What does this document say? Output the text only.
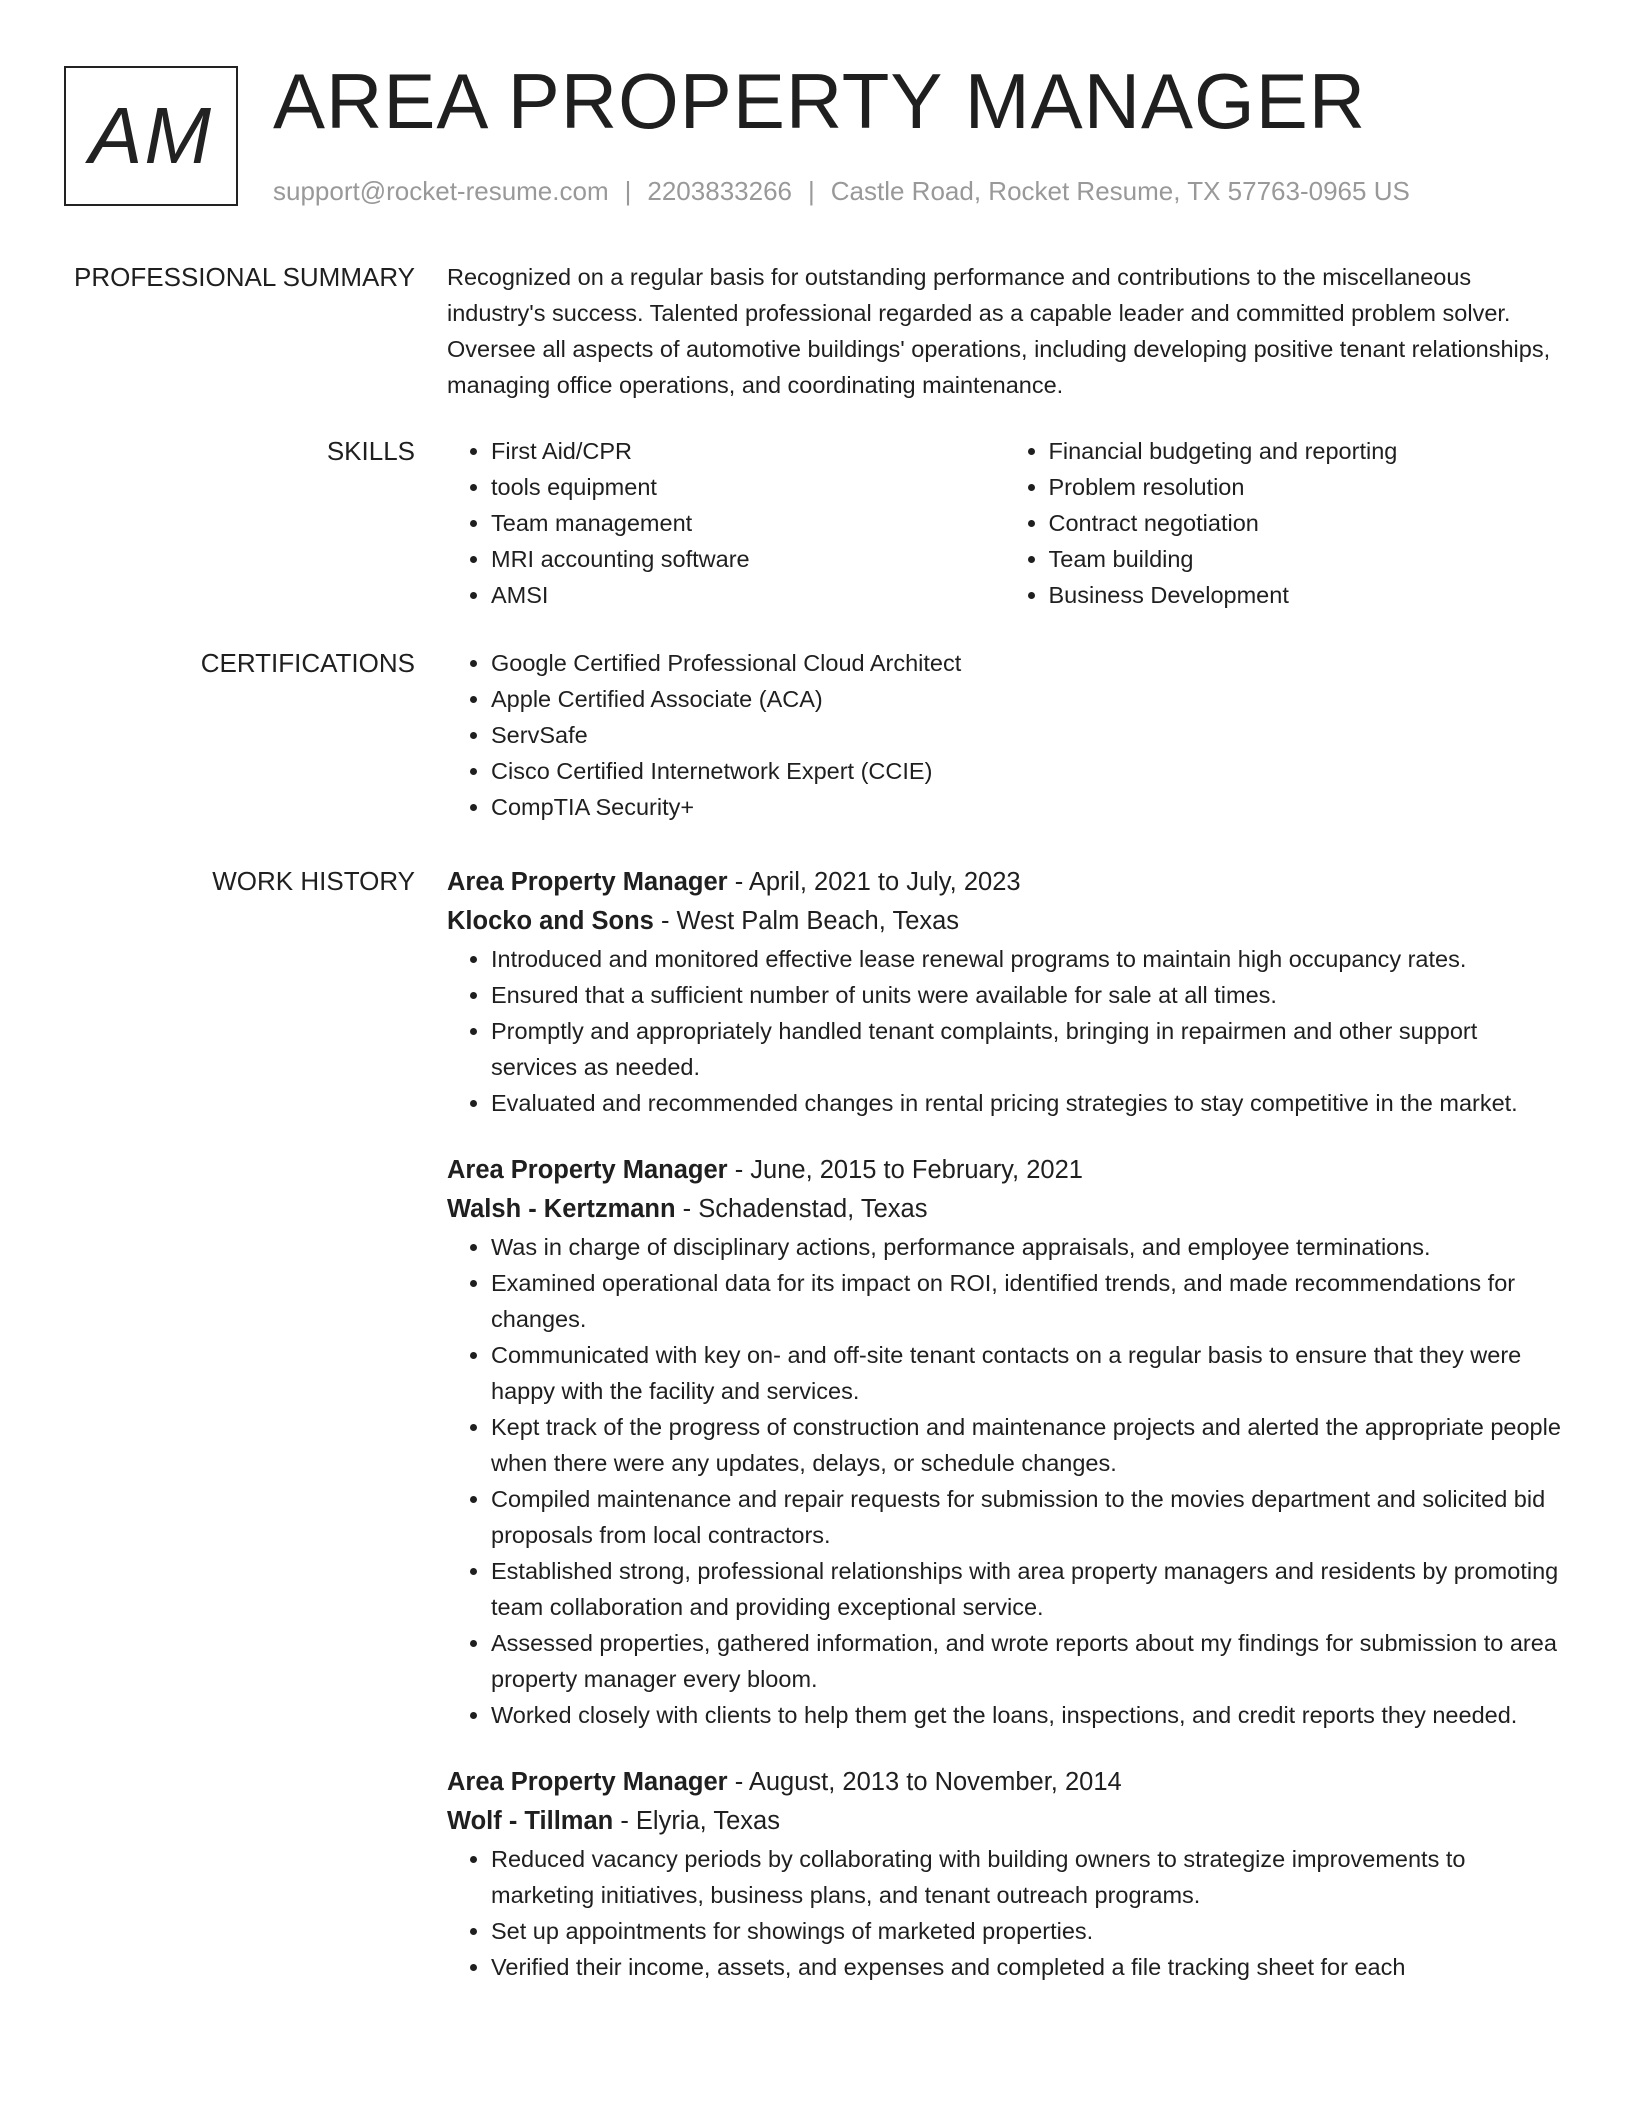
AM AREA PROPERTY MANAGER
support@rocket-resume.com | 2203833266 | Castle Road, Rocket Resume, TX 57763-0965 US
PROFESSIONAL SUMMARY Recognized on a regular basis for outstanding performance and contributions to the miscellaneous industry's success. Talented professional regarded as a capable leader and committed problem solver. Oversee all aspects of automotive buildings' operations, including developing positive tenant relationships, managing office operations, and coordinating maintenance.

SKILLS	• First Aid/CPR
• tools equipment
• Team management
• MRI accounting software
• AMSI
• Financial budgeting and reporting
• Problem resolution
• Contract negotiation
• Team building
• Business Development
CERTIFICATIONS	• Google Certified Professional Cloud Architect
• Apple Certified Associate (ACA)
• ServSafe
• Cisco Certified Internetwork Expert (CCIE)
• CompTIA Security+
WORK HISTORY Area Property Manager - April, 2021 to July, 2023
Klocko and Sons - West Palm Beach, Texas
• Introduced and monitored effective lease renewal programs to maintain high occupancy rates.
• Ensured that a sufficient number of units were available for sale at all times.
• Promptly and appropriately handled tenant complaints, bringing in repairmen and other support services as needed.
• Evaluated and recommended changes in rental pricing strategies to stay competitive in the market.
Area Property Manager - June, 2015 to February, 2021
Walsh - Kertzmann - Schadenstad, Texas
• Was in charge of disciplinary actions, performance appraisals, and employee terminations.
• Examined operational data for its impact on ROI, identified trends, and made recommendations for changes.
• Communicated with key on- and off-site tenant contacts on a regular basis to ensure that they were happy with the facility and services.
• Kept track of the progress of construction and maintenance projects and alerted the appropriate people when there were any updates, delays, or schedule changes.
• Compiled maintenance and repair requests for submission to the movies department and solicited bid proposals from local contractors.
• Established strong, professional relationships with area property managers and residents by promoting team collaboration and providing exceptional service.
• Assessed properties, gathered information, and wrote reports about my findings for submission to area property manager every bloom.
• Worked closely with clients to help them get the loans, inspections, and credit reports they needed.
Area Property Manager - August, 2013 to November, 2014
Wolf - Tillman - Elyria, Texas
• Reduced vacancy periods by collaborating with building owners to strategize improvements to marketing initiatives, business plans, and tenant outreach programs.
• Set up appointments for showings of marketed properties.
• Verified their income, assets, and expenses and completed a file tracking sheet for each
